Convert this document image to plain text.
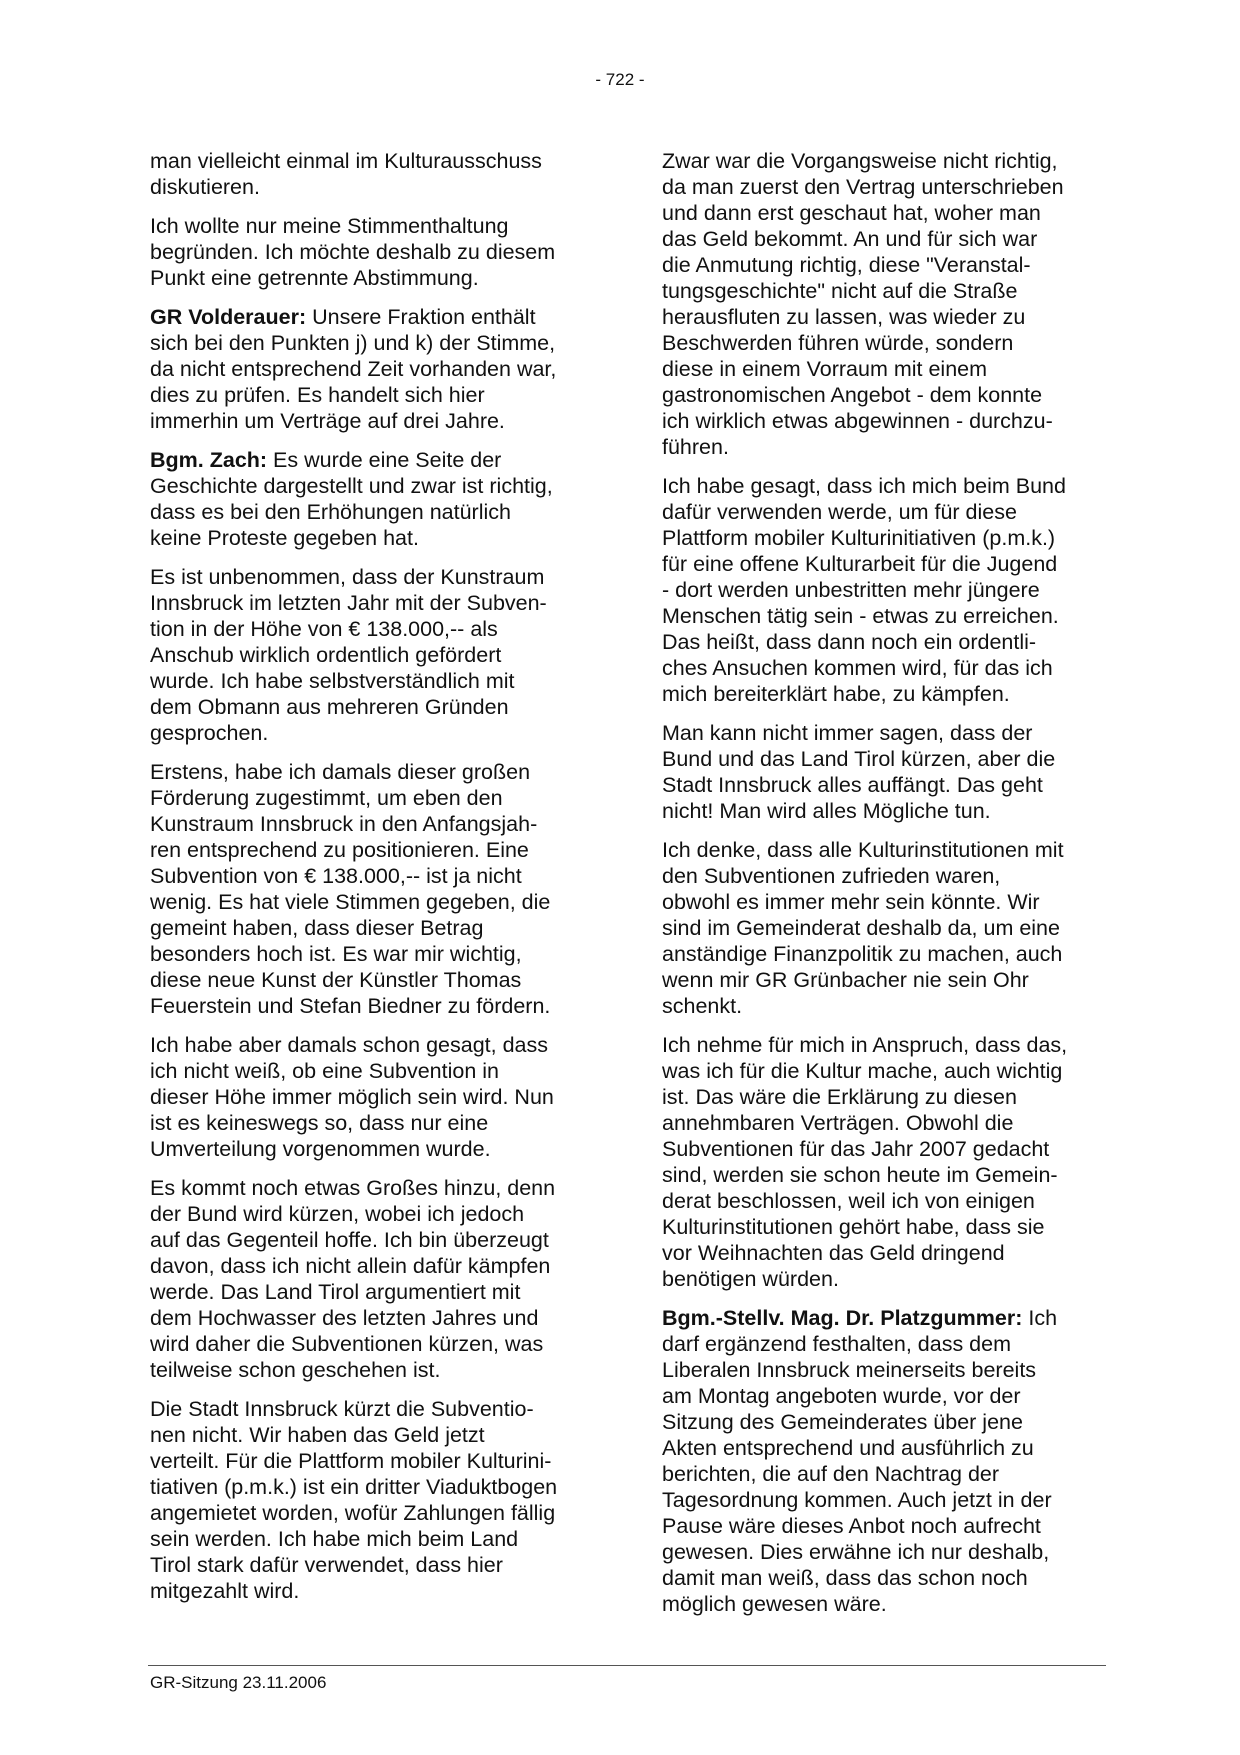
- 722 -

man vielleicht einmal im Kulturausschuss
diskutieren.

Ich wollte nur meine Stimmenthaltung
begründen. Ich möchte deshalb zu diesem
Punkt eine getrennte Abstimmung.

GR Volderauer: Unsere Fraktion enthält
sich bei den Punkten j) und k) der Stimme,
da nicht entsprechend Zeit vorhanden war,
dies zu prüfen. Es handelt sich hier
immerhin um Verträge auf drei Jahre.

Bgm. Zach: Es wurde eine Seite der
Geschichte dargestellt und zwar ist richtig,
dass es bei den Erhöhungen natürlich
keine Proteste gegeben hat.

Es ist unbenommen, dass der Kunstraum
Innsbruck im letzten Jahr mit der Subven-
tion in der Höhe von € 138.000,-- als
Anschub wirklich ordentlich gefördert
wurde. Ich habe selbstverständlich mit
dem Obmann aus mehreren Gründen
gesprochen.

Erstens, habe ich damals dieser großen
Förderung zugestimmt, um eben den
Kunstraum Innsbruck in den Anfangsjah-
ren entsprechend zu positionieren. Eine
Subvention von € 138.000,-- ist ja nicht
wenig. Es hat viele Stimmen gegeben, die
gemeint haben, dass dieser Betrag
besonders hoch ist. Es war mir wichtig,
diese neue Kunst der Künstler Thomas
Feuerstein und Stefan Biedner zu fördern.

Ich habe aber damals schon gesagt, dass
ich nicht weiß, ob eine Subvention in
dieser Höhe immer möglich sein wird. Nun
ist es keineswegs so, dass nur eine
Umverteilung vorgenommen wurde.

Es kommt noch etwas Großes hinzu, denn
der Bund wird kürzen, wobei ich jedoch
auf das Gegenteil hoffe. Ich bin überzeugt
davon, dass ich nicht allein dafür kämpfen
werde. Das Land Tirol argumentiert mit
dem Hochwasser des letzten Jahres und
wird daher die Subventionen kürzen, was
teilweise schon geschehen ist.

Die Stadt Innsbruck kürzt die Subventio-
nen nicht. Wir haben das Geld jetzt
verteilt. Für die Plattform mobiler Kulturini-
tiativen (p.m.k.) ist ein dritter Viaduktbogen
angemietet worden, wofür Zahlungen fällig
sein werden. Ich habe mich beim Land
Tirol stark dafür verwendet, dass hier
mitgezahlt wird.

Zwar war die Vorgangsweise nicht richtig,
da man zuerst den Vertrag unterschrieben
und dann erst geschaut hat, woher man
das Geld bekommt. An und für sich war
die Anmutung richtig, diese "Veranstal-
tungsgeschichte" nicht auf die Straße
herausfluten zu lassen, was wieder zu
Beschwerden führen würde, sondern
diese in einem Vorraum mit einem
gastronomischen Angebot - dem konnte
ich wirklich etwas abgewinnen - durchzu-
führen.

Ich habe gesagt, dass ich mich beim Bund
dafür verwenden werde, um für diese
Plattform mobiler Kulturinitiativen (p.m.k.)
für eine offene Kulturarbeit für die Jugend
- dort werden unbestritten mehr jüngere
Menschen tätig sein - etwas zu erreichen.
Das heißt, dass dann noch ein ordentli-
ches Ansuchen kommen wird, für das ich
mich bereiterklärt habe, zu kämpfen.

Man kann nicht immer sagen, dass der
Bund und das Land Tirol kürzen, aber die
Stadt Innsbruck alles auffängt. Das geht
nicht! Man wird alles Mögliche tun.

Ich denke, dass alle Kulturinstitutionen mit
den Subventionen zufrieden waren,
obwohl es immer mehr sein könnte. Wir
sind im Gemeinderat deshalb da, um eine
anständige Finanzpolitik zu machen, auch
wenn mir GR Grünbacher nie sein Ohr
schenkt.

Ich nehme für mich in Anspruch, dass das,
was ich für die Kultur mache, auch wichtig
ist. Das wäre die Erklärung zu diesen
annehmbaren Verträgen. Obwohl die
Subventionen für das Jahr 2007 gedacht
sind, werden sie schon heute im Gemein-
derat beschlossen, weil ich von einigen
Kulturinstitutionen gehört habe, dass sie
vor Weihnachten das Geld dringend
benötigen würden.

Bgm.-Stellv. Mag. Dr. Platzgummer: Ich
darf ergänzend festhalten, dass dem
Liberalen Innsbruck meinerseits bereits
am Montag angeboten wurde, vor der
Sitzung des Gemeinderates über jene
Akten entsprechend und ausführlich zu
berichten, die auf den Nachtrag der
Tagesordnung kommen. Auch jetzt in der
Pause wäre dieses Anbot noch aufrecht
gewesen. Dies erwähne ich nur deshalb,
damit man weiß, dass das schon noch
möglich gewesen wäre.

GR-Sitzung 23.11.2006
